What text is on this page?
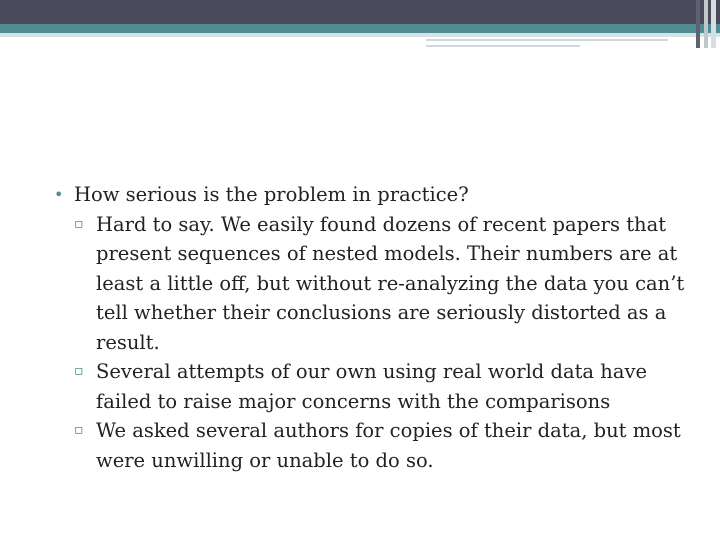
• How serious is the problem in practice?
▫ Hard to say. We easily found dozens of recent papers that present sequences of nested models. Their numbers are at least a little off, but without re-analyzing the data you can’t tell whether their conclusions are seriously distorted as a result.
▫ Several attempts of our own using real world data have failed to raise major concerns with the comparisons
▫ We asked several authors for copies of their data, but most were unwilling or unable to do so.
